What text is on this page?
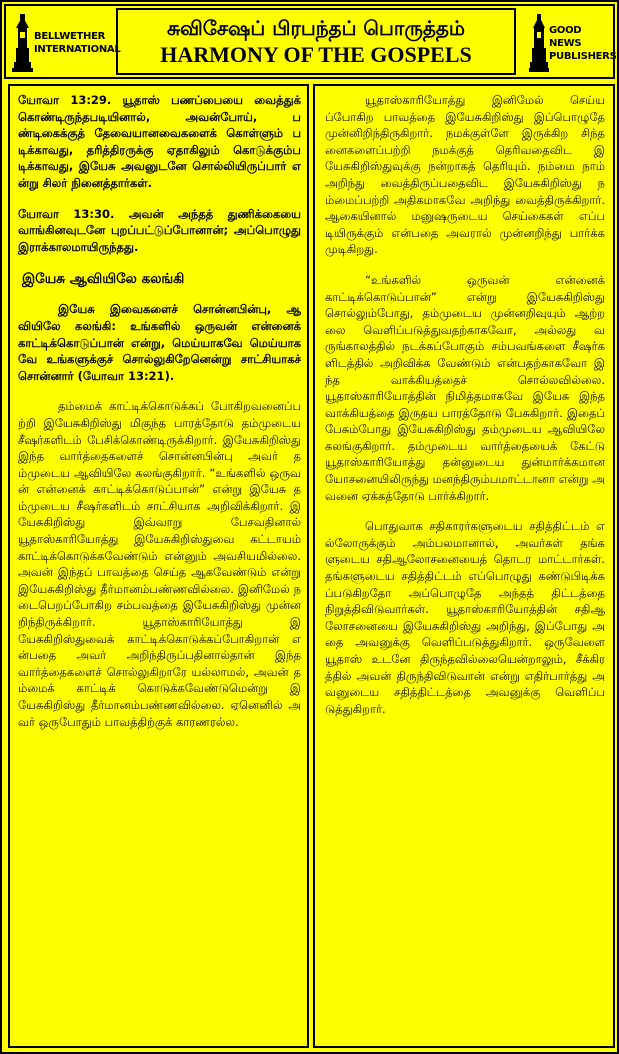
BELLWETHER
INTERNATIONAL
சுவிசேஷப் பிரபந்தப் பொருத்தம்
HARMONY OF THE GOSPELS
GOOD NEWS
PUBLISHERS

யோவா 13:29. யூதாஸ் பணப்பையை வைத்துக் கொண்டிருந்தபடியினால், அவன்போய், பண்டிகைக்குத் தேவையானவைகளைக் கொள்ளும் படிக்காவது, தரித்திரருக்கு ஏதாகிலும் கொடுக்கும்படிக்காவது, இயேசு அவனுடனே சொல்லியிருப்பார் என்று சிலர் நினைத்தார்கள்.

யோவா 13:30. அவன் அந்தத் துணிக்கையை வாங்கினவுடனே புறப்பட்டுப்போனான்; அப்பொழுது இராக்காலமாயிருந்தது.

இயேசு ஆவியிலே கலங்கி

இயேசு இவைகளைச் சொன்னபின்பு, ஆவியிலே கலங்கி: உங்களில் ஒருவன் என்னைக் காட்டிக்கொடுப்பான் என்று, மெய்யாகவே மெய்யாகவே உங்களுக்குச் சொல்லுகிறேனென்று சாட்சியாகச் சொன்னார் (யோவா 13:21).

தம்மைக் காட்டிக்கொடுக்கப் போகிறவனைப்பற்றி இயேசுகிறிஸ்து மிகுந்த பாரத்தோடு தம்முடைய சீஷர்களிடம் பேசிக்கொண்டிருக்கிறார். இயேசுகிறிஸ்து இந்த வார்த்தைகளைச் சொன்னபின்பு அவர் தம்முடைய ஆவியிலே கலங்குகிறார். “உங்களில் ஒருவன் என்னைக் காட்டிக்கொடுப்பான்” என்று இயேசு தம்முடைய சீஷர்களிடம் சாட்சியாக அறிவிக்கிறார். இயேசுகிறிஸ்து இவ்வாறு பேசவதினால் யூதாஸ்காரியோத்து இயேசுகிறிஸ்துவை கட்டாயம் காட்டிக்கொடுக்கவேண்டும் என்னும் அவசியமில்லை. அவன் இந்தப் பாவத்தை செய்த ஆகவேண்டும் என்று இயேசுகிறிஸ்து தீர்மானம்பண்ணவில்லை. இனிமேல் நடைபெறப்போகிற சம்பவத்தை இயேசுகிறிஸ்து முன்னறிந்திருக்கிறார். யூதாஸ்காரியோத்து இயேசுகிறிஸ்துவைக் காட்டிக்கொடுக்கப்போகிறான் என்பதை அவர் அறிந்திருப்பதினால்தான் இந்த வார்த்தைகளைச் சொல்லுகிறாரே யல்லாமல், அவன் தம்மைக் காட்டிக் கொடுக்கவேண்டுமென்று இயேசுகிறிஸ்து தீர்மானம்பண்ணவில்லை. ஏனெனில் அவர் ஒருபோதும் பாவத்திற்குக் காரணரல்ல.

யூதாஸ்காரியோத்து இனிமேல் செய்யப்போகிற பாவத்தை இயேசுகிறிஸ்து இப்பொழுதே முன்னிறிந்திருகிறார். நமக்குள்ளே இருக்கிற சிந்தனைகளைப்பற்றி நமக்குத் தெரிவதைவிட இயேசுகிறிஸ்துவுக்கு நன்றாகத் தெரியும். நம்மை நாம் அறிந்து வைத்திருப்பதைவிட இயேசுகிறிஸ்து நம்மைப்பற்றி அதிகமாகவே அறிந்து வைத்திருக்கிறார். ஆகையினால் மனுஷருடைய செய்கைகள் எப்படியிருக்கும் என்பதை அவரால் முன்னறிந்து பார்க்க முடிகிறது.

“உங்களில் ஒருவன் என்னைக் காட்டிக்கொடுப்பான்” என்று இயேசுகிறிஸ்து சொல்லும்போது, தம்முடைய முன்னறிவுயும் ஆற்றலை வெளிப்படுத்துவதற்காகவோ, அல்லது வருங்காலத்தில் நடக்கப்போகும் சம்பவங்களை சீஷர்களிடத்தில் அறிவிக்க வேண்டும் என்பதற்காகவோ இந்த வாக்கியத்தைச் சொல்லவில்லை. யூதாஸ்காரியோத்தின் நிமித்தமாகவே இயேசு இந்த வாக்கியத்தை இருதய பாரத்தோடு பேசுகிறார். இதைப் பேசும்போது இயேசுகிறிஸ்து தம்முடைய ஆவியிலே கலங்குகிறார். தம்முடைய வார்த்தையைக் கேட்டு யூதாஸ்காரியோத்து தன்னுடைய துன்மார்க்கமான யோசனையிலிருந்து மனந்திரும்பமாட்டானா என்று அவனை ஏக்கத்தோடு பார்க்கிறார்.

பொதுவாக சதிகாரர்களுடைய சதித்திட்டம் எல்லோருக்கும் அம்பலமானால், அவர்கள் தங்களுடைய சதிஆலோசனையைத் தொடர மாட்டார்கள். தங்களுடைய சதித்திட்டம் எப்பொழுது கண்டுபிடிக்கப்படுகிறதோ அப்பொழுதே அந்தத் திட்டத்தை நிறுத்திவிடுவார்கள். யூதாஸ்காரியோத்தின் சதிஆலோசனையை இயேசுகிறிஸ்து அறிந்து, இப்போது அதை அவனுக்கு வெளிப்படுத்துகிறார். ஒருவேளை யூதாஸ் உடனே திருந்தவில்லையென்றாலும், சீக்கிரத்தில் அவன் திருந்திவிடுவான் என்று எதிர்பார்த்து அவனுடைய சதித்திட்டத்தை அவனுக்கு வெளிப்படுத்துகிறார்.
